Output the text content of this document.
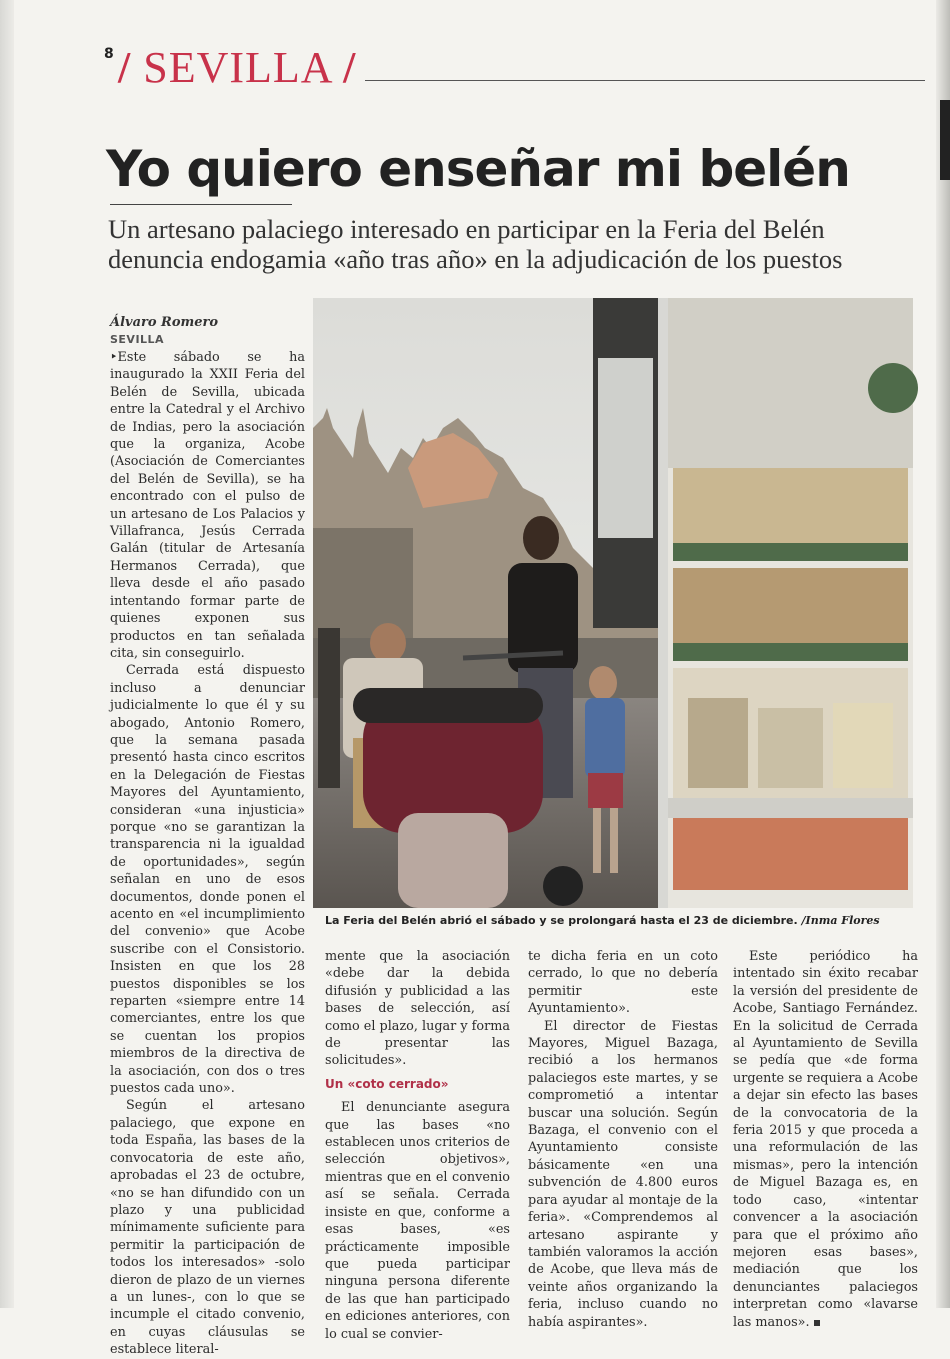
8 / SEVILLA /
Yo quiero enseñar mi belén
Un artesano palaciego interesado en participar en la Feria del Belén denuncia endogamia «año tras año» en la adjudicación de los puestos
Álvaro Romero
SEVILLA

‣Este sábado se ha inaugurado la XXII Feria del Belén de Sevilla, ubicada entre la Catedral y el Archivo de Indias, pero la asociación que la organiza, Acobe (Asociación de Comerciantes del Belén de Sevilla), se ha encontrado con el pulso de un artesano de Los Palacios y Villafranca, Jesús Cerrada Galán (titular de Artesanía Hermanos Cerrada), que lleva desde el año pasado intentando formar parte de quienes exponen sus productos en tan señalada cita, sin conseguirlo.

Cerrada está dispuesto incluso a denunciar judicialmente lo que él y su abogado, Antonio Romero, que la semana pasada presentó hasta cinco escritos en la Delegación de Fiestas Mayores del Ayuntamiento, consideran «una injusticia» porque «no se garantizan la transparencia ni la igualdad de oportunidades», según señalan en uno de esos documentos, donde ponen el acento en «el incumplimiento del convenio» que Acobe suscribe con el Consistorio. Insisten en que los 28 puestos disponibles se los reparten «siempre entre 14 comerciantes, entre los que se cuentan los propios miembros de la directiva de la asociación, con dos o tres puestos cada uno».

Según el artesano palaciego, que expone en toda España, las bases de la convocatoria de este año, aprobadas el 23 de octubre, «no se han difundido con un plazo y una publicidad mínimamente suficiente para permitir la participación de todos los interesados» -solo dieron de plazo de un viernes a un lunes-, con lo que se incumple el citado convenio, en cuyas cláusulas se establece literal-

mente que la asociación «debe dar la debida difusión y publicidad a las bases de selección, así como el plazo, lugar y forma de presentar las solicitudes».

Un «coto cerrado»

El denunciante asegura que las bases «no establecen unos criterios de selección objetivos», mientras que en el convenio así se señala. Cerrada insiste en que, conforme a esas bases, «es prácticamente imposible que pueda participar ninguna persona diferente de las que han participado en ediciones anteriores, con lo cual se convier-

te dicha feria en un coto cerrado, lo que no debería permitir este Ayuntamiento».

El director de Fiestas Mayores, Miguel Bazaga, recibió a los hermanos palaciegos este martes, y se comprometió a intentar buscar una solución. Según Bazaga, el convenio con el Ayuntamiento consiste básicamente «en una subvención de 4.800 euros para ayudar al montaje de la feria». «Comprendemos al artesano aspirante y también valoramos la acción de Acobe, que lleva más de veinte años organizando la feria, incluso cuando no había aspirantes».

Este periódico ha intentado sin éxito recabar la versión del presidente de Acobe, Santiago Fernández. En la solicitud de Cerrada al Ayuntamiento de Sevilla se pedía que «de forma urgente se requiera a Acobe a dejar sin efecto las bases de la convocatoria de la feria 2015 y que proceda a una reformulación de las mismas», pero la intención de Miguel Bazaga es, en todo caso, «intentar convencer a la asociación para que el próximo año mejoren esas bases», mediación que los denunciantes palaciegos interpretan como «lavarse las manos».

La Feria del Belén abrió el sábado y se prolongará hasta el 23 de diciembre. /Inma Flores
